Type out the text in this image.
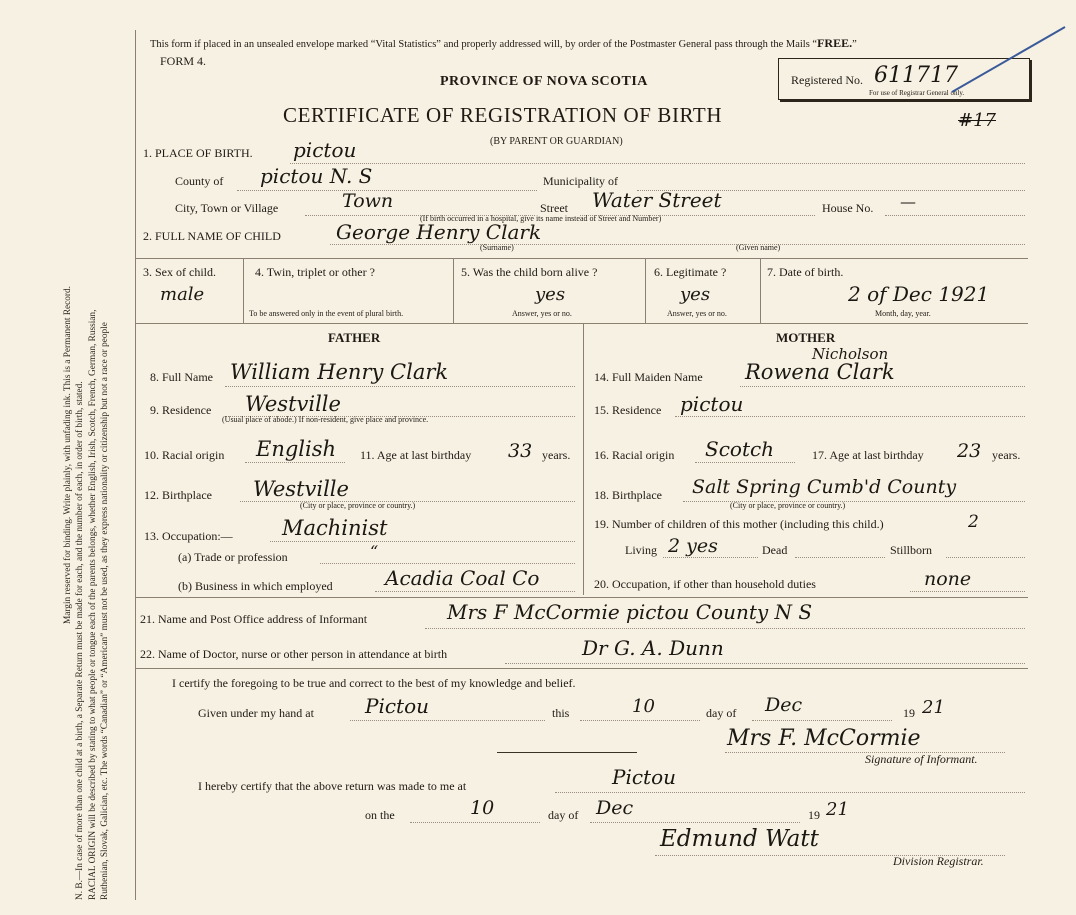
Margin reserved for binding. Write plainly, with unfading ink. This is a Permanent Record. N. B.—In case of more than one child at a birth, a Separate Return must be made for each, and the number of each, in order of birth, stated. RACIAL ORIGIN will be described by stating to what people or tongue each of the parents belongs, whether English, Irish, Scotch, French, German, Russian, Ruthenian, Slovak, Galician, etc. The words “Canadian” or “American” must not be used, as they express nationality or citizenship but not a race or people
This form if placed in an unsealed envelope marked “Vital Statistics” and properly addressed will, by order of the Postmaster General pass through the Mails “FREE.”
FORM 4.
PROVINCE OF NOVA SCOTIA
CERTIFICATE OF REGISTRATION OF BIRTH
(BY PARENT OR GUARDIAN)
Registered No. 611717
For use of Registrar General only.
#17
1. PLACE OF BIRTH. pictou
County of pictou N. S	Municipality of
City, Town or Village	Town	Street Water Street
(If birth occurred in a hospital, give its name instead of Street and Number)
House No. —
2. FULL NAME OF CHILD	George Henry Clark
(Surname)	(Given name)
3. Sex of child.
male
4. Twin, triplet or other ?
To be answered only in the event of plural birth.
5. Was the child born alive ?
yes
Answer, yes or no.
6. Legitimate ?
yes
Answer, yes or no.
7. Date of birth.
2 of Dec 1921
Month, day, year.
FATHER
8. Full Name William Henry Clark
9. Residence Westville
(Usual place of abode.) If non-resident, give place and province.
10. Racial origin English 11. Age at last birthday 33 years.
12. Birthplace Westville
(City or place, province or country.)
13. Occupation:— Machinist
(a) Trade or profession	“
(b) Business in which employed	Acadia Coal Co
MOTHER
14. Full Maiden Name
Nicholson
Rowena Clark
15. Residence pictou
16. Racial origin Scotch	17. Age at last birthday 23 years.
18. Birthplace Salt Spring Cumb'd County
(City or place, province or country.)
19. Number of children of this mother (including this child.)	2
Living 2 yes	Dead	Stillborn
20. Occupation, if other than household duties	none
21. Name and Post Office address of Informant	Mrs F McCormie pictou County N S
22. Name of Doctor, nurse or other person in attendance at birth	Dr G. A. Dunn
I certify the foregoing to be true and correct to the best of my knowledge and belief.
Given under my hand at	Pictou	this	10	day of Dec	19 21
Mrs F. McCormie
Signature of Informant.
I hereby certify that the above return was made to me at	Pictou
on the	10	day of Dec	19 21
Edmund Watt
Division Registrar.
